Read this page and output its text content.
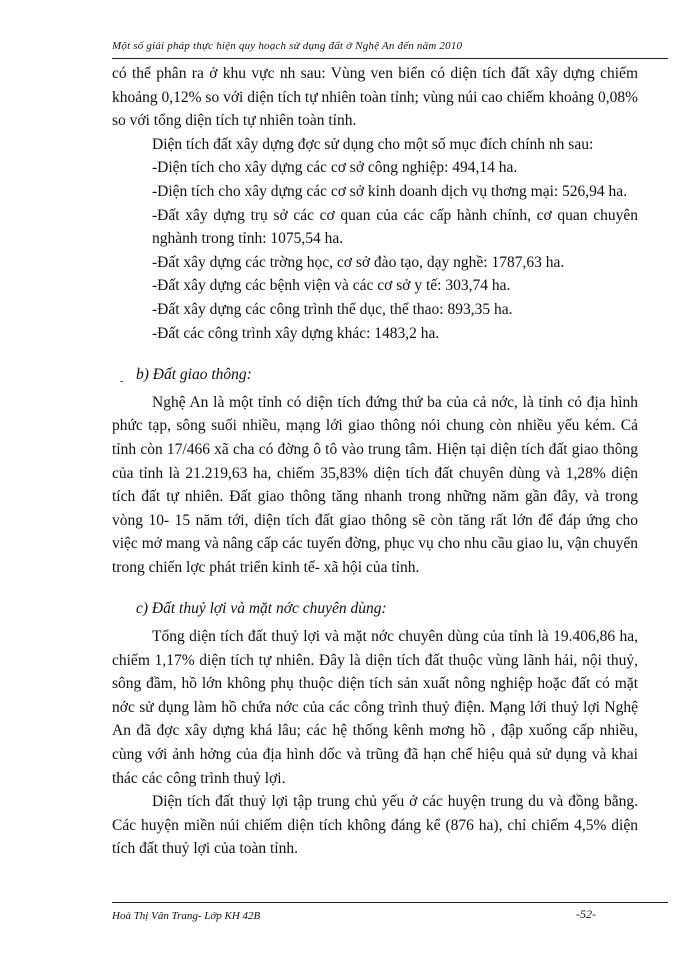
Một số giải pháp thực hiện quy hoạch sử dụng đất ở Nghệ An đến năm 2010

có thể phân ra ở khu vực nh sau: Vùng ven biển có diện tích đất xây dựng chiếm khoảng 0,12% so với diện tích tự nhiên toàn tỉnh; vùng núi cao chiếm khoảng 0,08% so với tổng diện tích tự nhiên toàn tỉnh.

Diện tích đất xây dựng đợc sử dụng cho một số mục đích chính nh sau:

-Diện tích cho xây dựng các cơ sở công nghiệp: 494,14 ha.

-Diện tích cho xây dựng các cơ sở kinh doanh dịch vụ thơng mại: 526,94 ha.

-Đất xây dựng trụ sở các cơ quan của các cấp hành chính, cơ quan chuyên nghành trong tỉnh: 1075,54 ha.

-Đất xây dựng các trờng học, cơ sở đào tạo, dạy nghề: 1787,63 ha.

-Đất xây dựng các bệnh viện và các cơ sở y tế: 303,74 ha.

-Đất xây dựng các công trình thể dục, thể thao: 893,35 ha.

-Đất các công trình xây dựng khác: 1483,2 ha.

b) Đất giao thông:

Nghệ An là một tỉnh có diện tích đứng thứ ba của cả nớc, là tỉnh có địa hình phức tạp, sông suối nhiều, mạng lới giao thông nói chung còn nhiều yếu kém. Cả tỉnh còn 17/466 xã cha có đờng ô tô vào trung tâm. Hiện tại diện tích đất giao thông của tỉnh là 21.219,63 ha, chiếm 35,83% diện tích đất chuyên dùng và 1,28% diện tích đất tự nhiên. Đất giao thông tăng nhanh trong những năm gần đây, và trong vòng 10- 15 năm tới, diện tích đất giao thông sẽ còn tăng rất lớn để đáp ứng cho việc mở mang và nâng cấp các tuyến đờng, phục vụ cho nhu cầu giao lu, vận chuyển trong chiến lợc phát triển kinh tế- xã hội của tỉnh.

c) Đất thuỷ lợi và mặt nớc chuyên dùng:

Tổng diện tích đất thuỷ lợi và mặt nớc chuyên dùng của tỉnh là 19.406,86 ha, chiếm 1,17% diện tích tự nhiên. Đây là diện tích đất thuộc vùng lãnh hải, nội thuỷ, sông đầm, hồ lớn không phụ thuộc diện tích sản xuất nông nghiệp hoặc đất có mặt nớc sử dụng làm hồ chứa nớc của các công trình thuỷ điện. Mạng lới thuỷ lợi Nghệ An đã đợc xây dựng khá lâu; các hệ thống kênh mơng hồ , đập xuống cấp nhiều, cùng với ảnh hởng của địa hình dốc và trũng đã hạn chế hiệu quả sử dụng và khai thác các công trình thuỷ lợi.

Diện tích đất thuỷ lợi tập trung chủ yếu ở các huyện trung du và đồng bằng. Các huyện miền núi chiếm diện tích không đáng kể (876 ha), chỉ chiếm 4,5% diện tích đất thuỷ lợi của toàn tỉnh.

-
Hoà Thị Vân Trang- Lớp KH 42B	-52-
